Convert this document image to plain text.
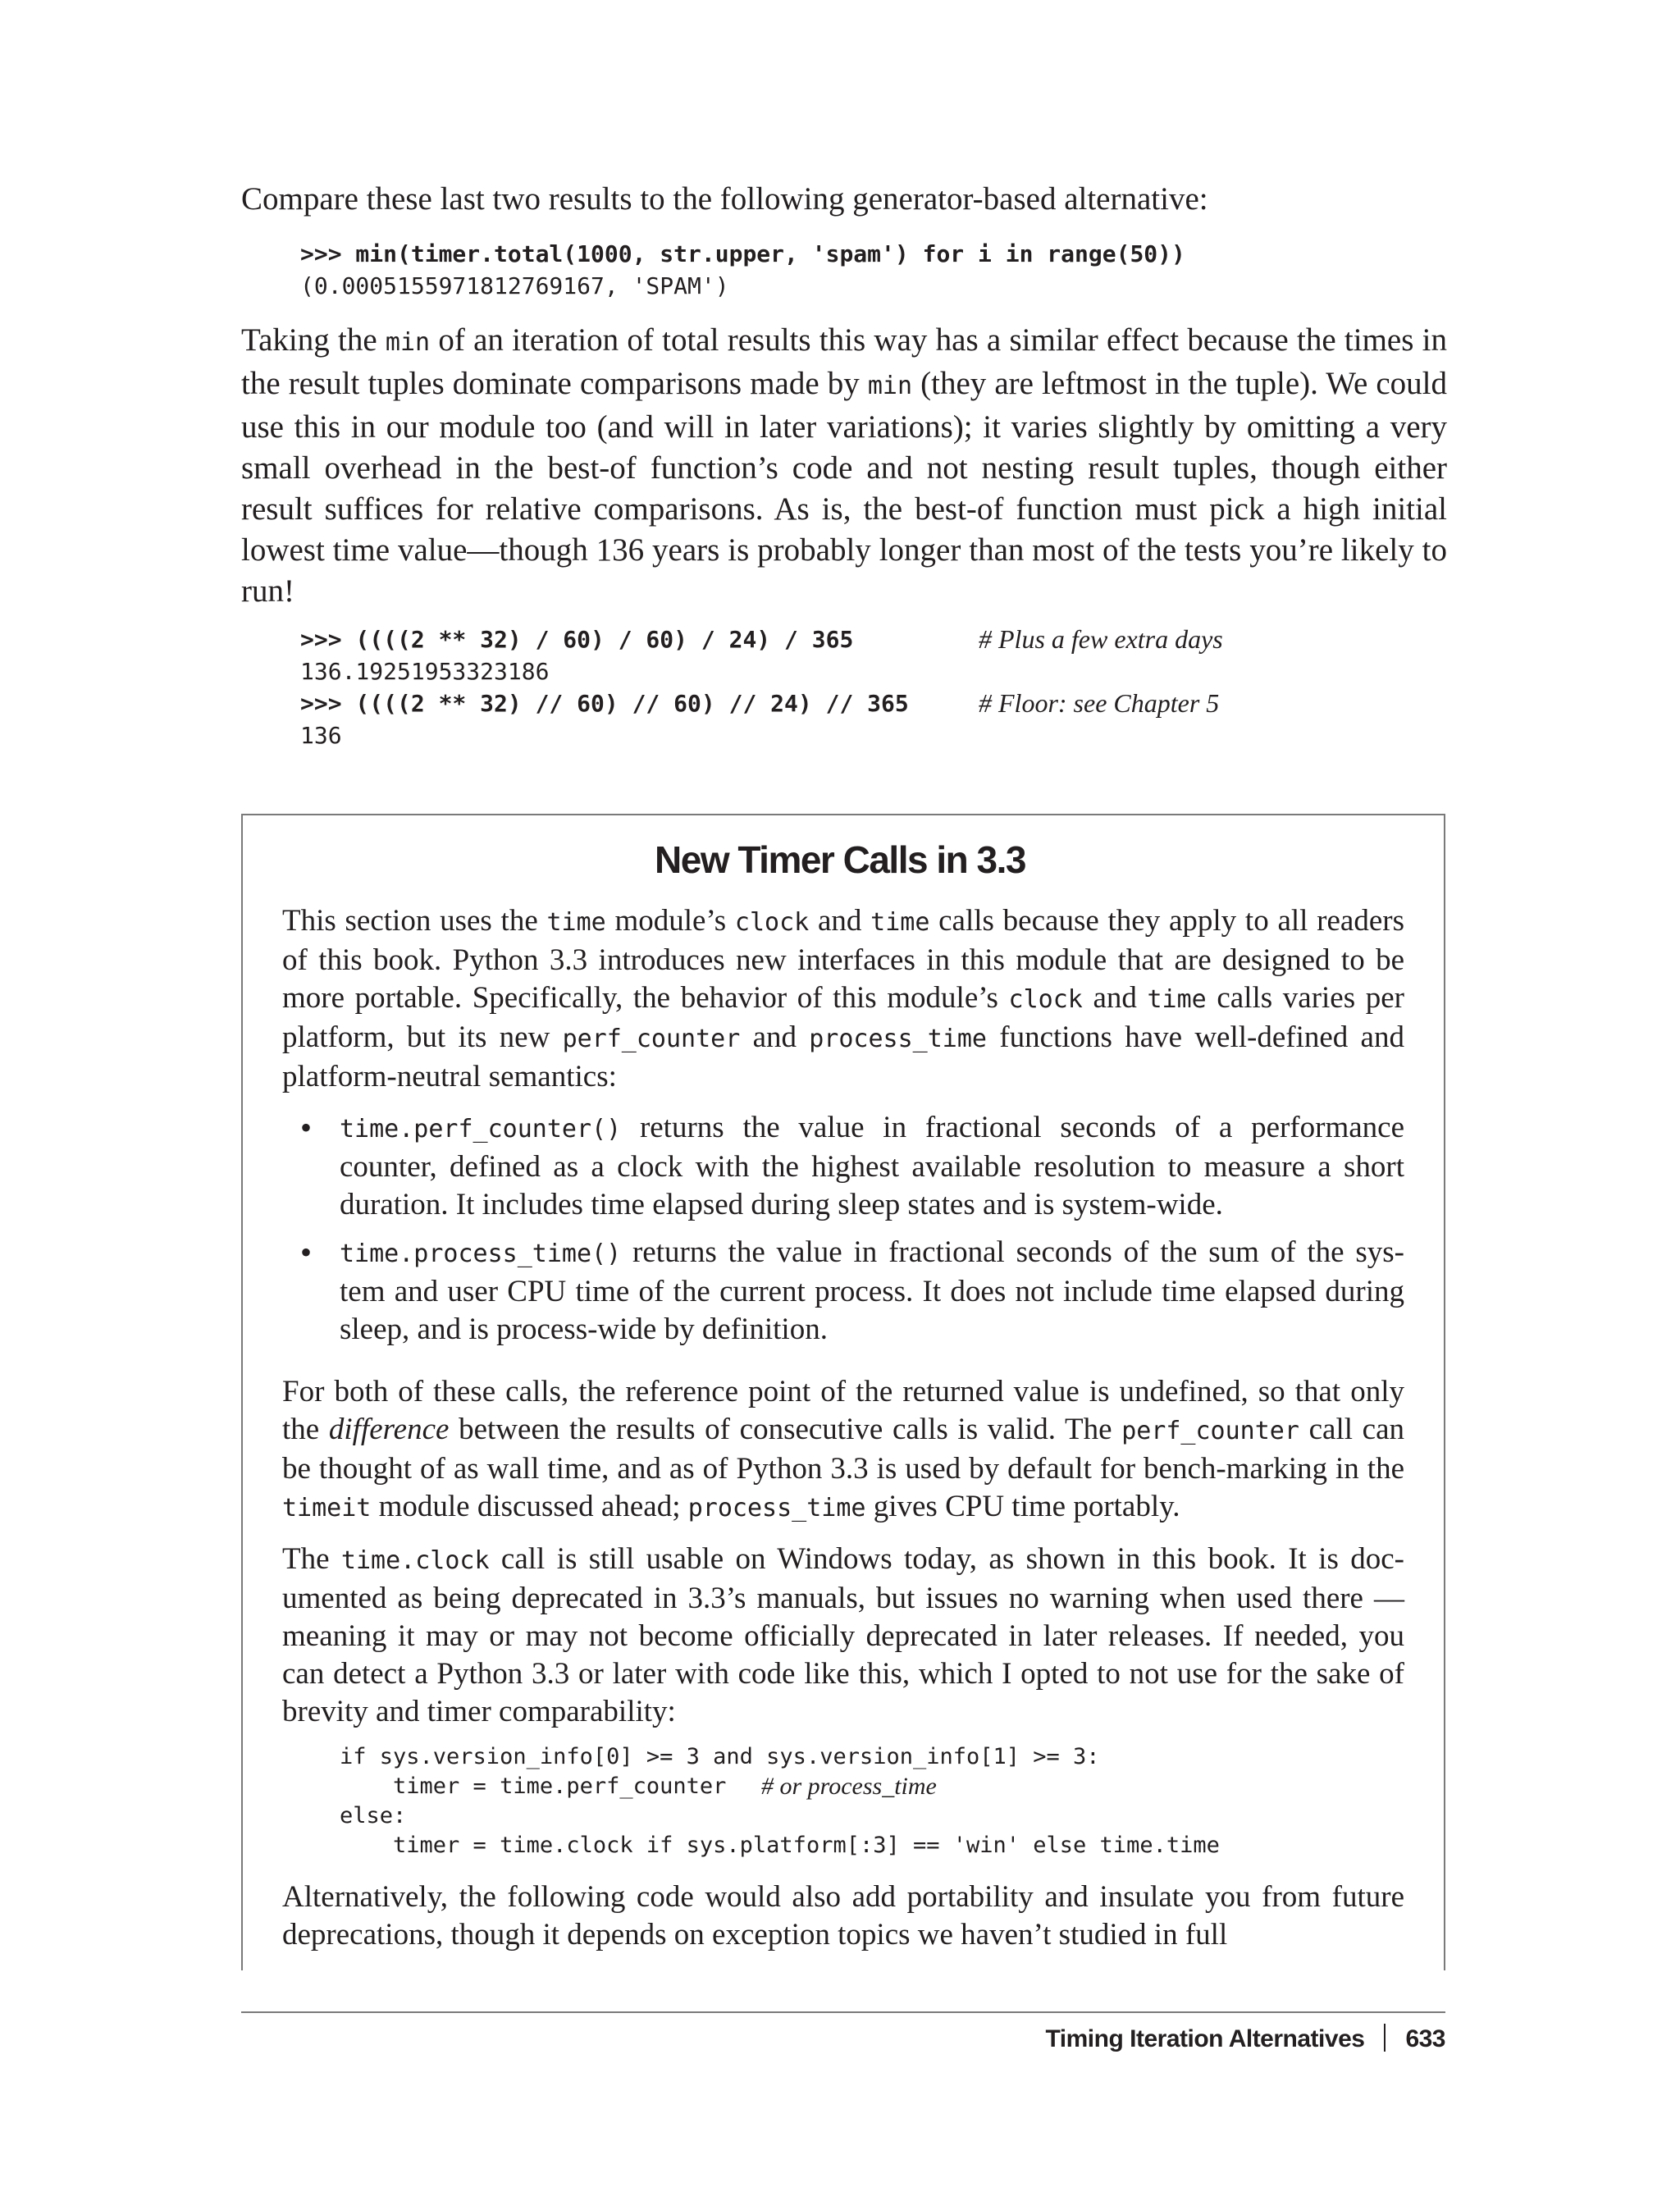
Compare these last two results to the following generator-based alternative:

>>> min(timer.total(1000, str.upper, 'spam') for i in range(50))
(0.0005155971812769167, 'SPAM')

Taking the min of an iteration of total results this way has a similar effect because the times in the result tuples dominate comparisons made by min (they are leftmost in the tuple). We could use this in our module too (and will in later variations); it varies slightly by omitting a very small overhead in the best-of function’s code and not nesting result tuples, though either result suffices for relative comparisons. As is, the best-of function must pick a high initial lowest time value—though 136 years is probably longer than most of the tests you’re likely to run!

>>> ((((2 ** 32) / 60) / 60) / 24) / 365
136.19251953323186
>>> ((((2 ** 32) // 60) // 60) // 24) // 365
136
# Plus a few extra days
# Floor: see Chapter 5
New Timer Calls in 3.3

This section uses the time module’s clock and time calls because they apply to all readers of this book. Python 3.3 introduces new interfaces in this module that are designed to be more portable. Specifically, the behavior of this module’s clock and time calls varies per platform, but its new perf_counter and process_time functions have well-defined and platform-neutral semantics:

• time.perf_counter() returns the value in fractional seconds of a performance counter, defined as a clock with the highest available resolution to measure a short duration. It includes time elapsed during sleep states and is system-wide.

• time.process_time() returns the value in fractional seconds of the sum of the sys-tem and user CPU time of the current process. It does not include time elapsed during sleep, and is process-wide by definition.

For both of these calls, the reference point of the returned value is undefined, so that only the difference between the results of consecutive calls is valid. The perf_counter call can be thought of as wall time, and as of Python 3.3 is used by default for bench-marking in the timeit module discussed ahead; process_time gives CPU time portably.

The time.clock call is still usable on Windows today, as shown in this book. It is doc-umented as being deprecated in 3.3’s manuals, but issues no warning when used there —meaning it may or may not become officially deprecated in later releases. If needed, you can detect a Python 3.3 or later with code like this, which I opted to not use for the sake of brevity and timer comparability:

if sys.version_info[0] >= 3 and sys.version_info[1] >= 3:
timer = time.perf_counter
else:
timer = time.clock if sys.platform[:3] == 'win' else time.time
# or process_time

Alternatively, the following code would also add portability and insulate you from future deprecations, though it depends on exception topics we haven’t studied in full

Timing Iteration Alternatives 633
